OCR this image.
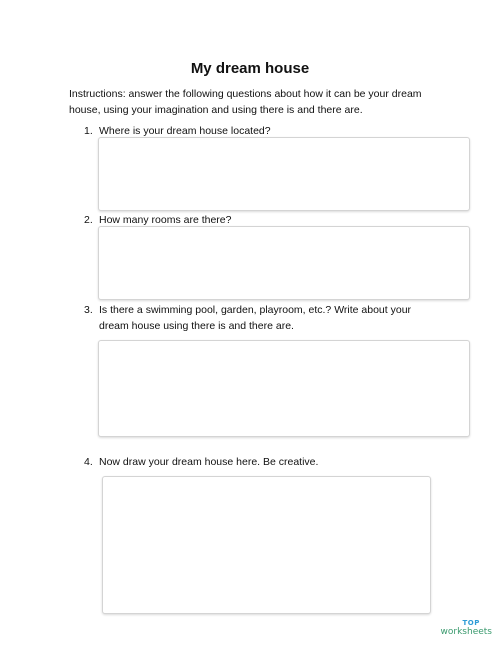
My dream house
Instructions: answer the following questions about how it can be your dream house, using your imagination and using there is and there are.
1. Where is your dream house located?
2. How many rooms are there?
3. Is there a swimming pool, garden, playroom, etc.? Write about your dream house using there is and there are.
4. Now draw your dream house here. Be creative.
TOP
worksheets
